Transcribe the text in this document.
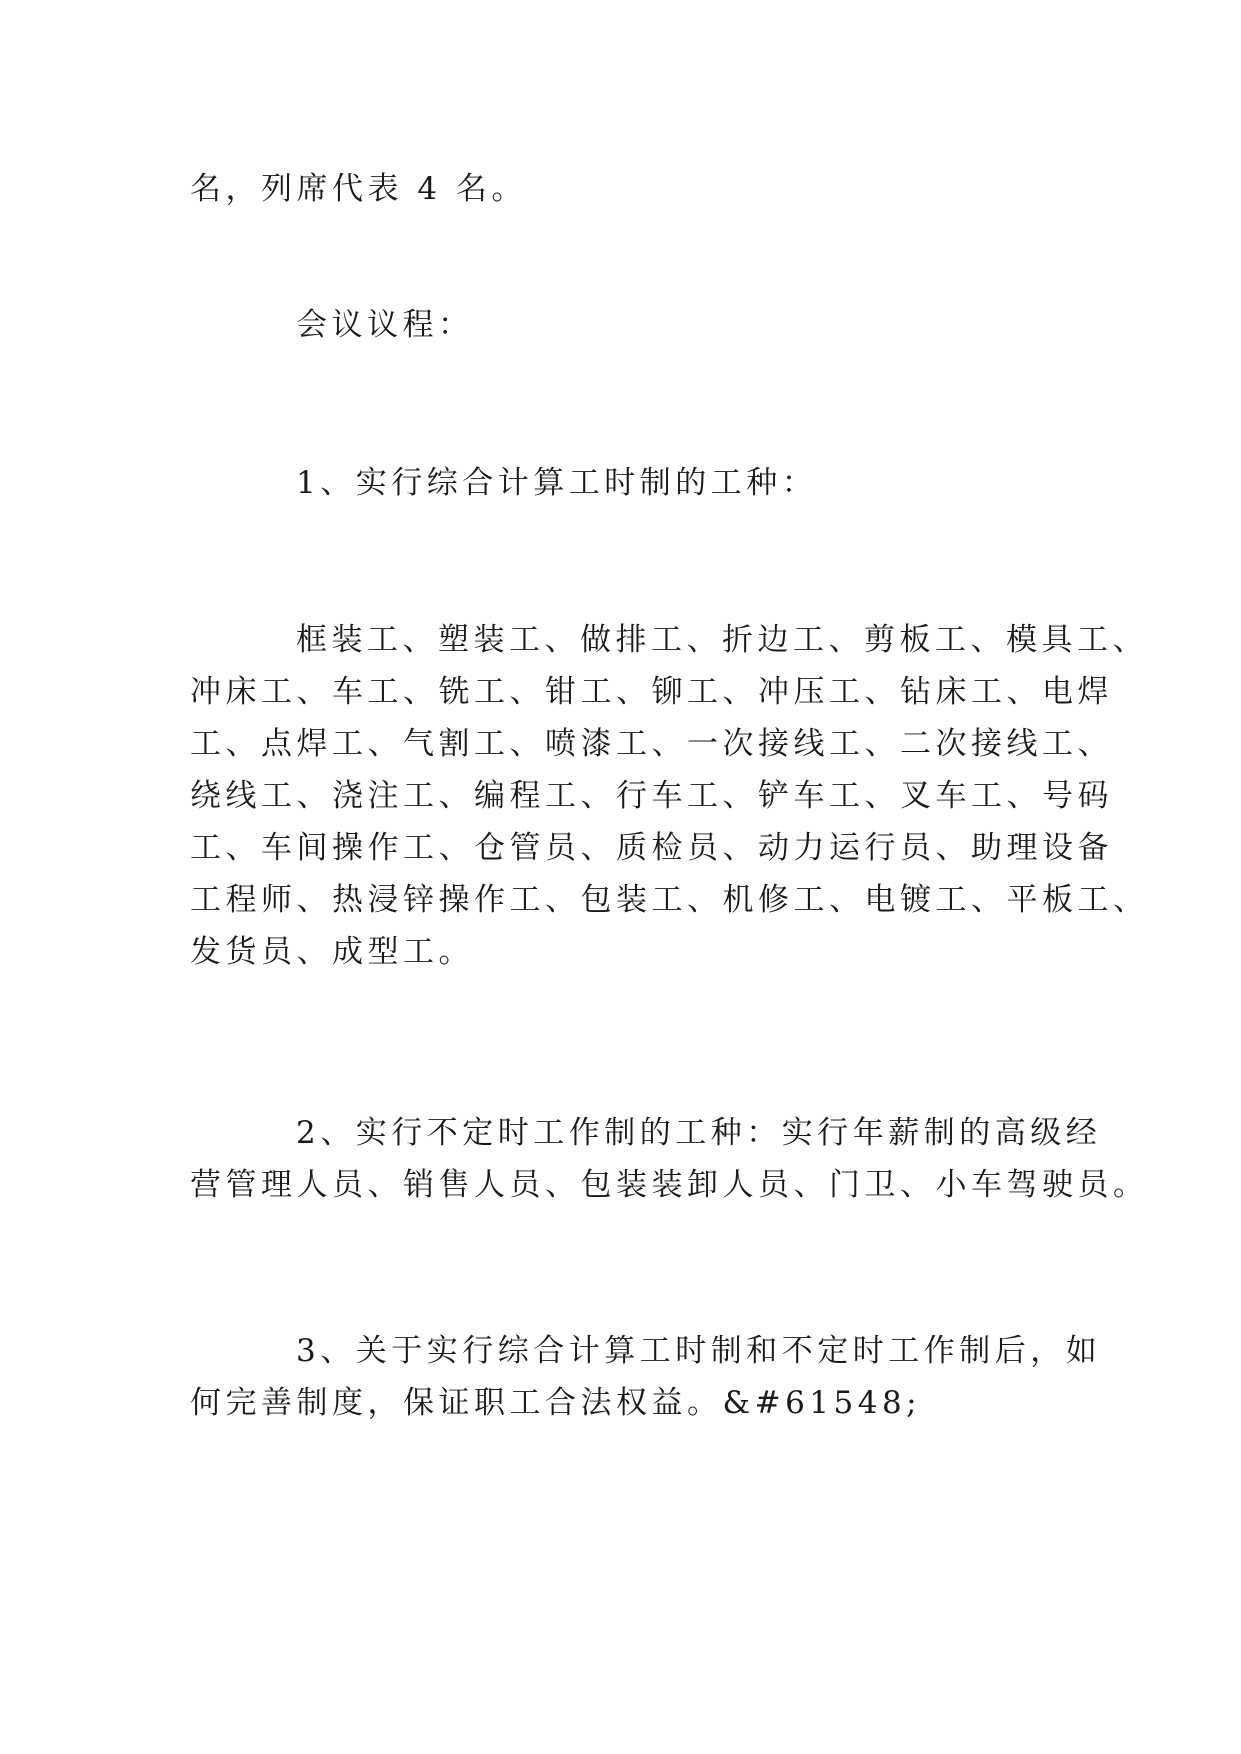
名，列席代表 4 名。
会议议程：
1、实行综合计算工时制的工种：
框装工、塑装工、做排工、折边工、剪板工、模具工、
冲床工、车工、铣工、钳工、铆工、冲压工、钻床工、电焊
工、点焊工、气割工、喷漆工、一次接线工、二次接线工、
绕线工、浇注工、编程工、行车工、铲车工、叉车工、号码
工、车间操作工、仓管员、质检员、动力运行员、助理设备
工程师、热浸锌操作工、包装工、机修工、电镀工、平板工、
发货员、成型工。
2、实行不定时工作制的工种：实行年薪制的高级经
营管理人员、销售人员、包装装卸人员、门卫、小车驾驶员。
3、关于实行综合计算工时制和不定时工作制后，如
何完善制度，保证职工合法权益。&#61548;
